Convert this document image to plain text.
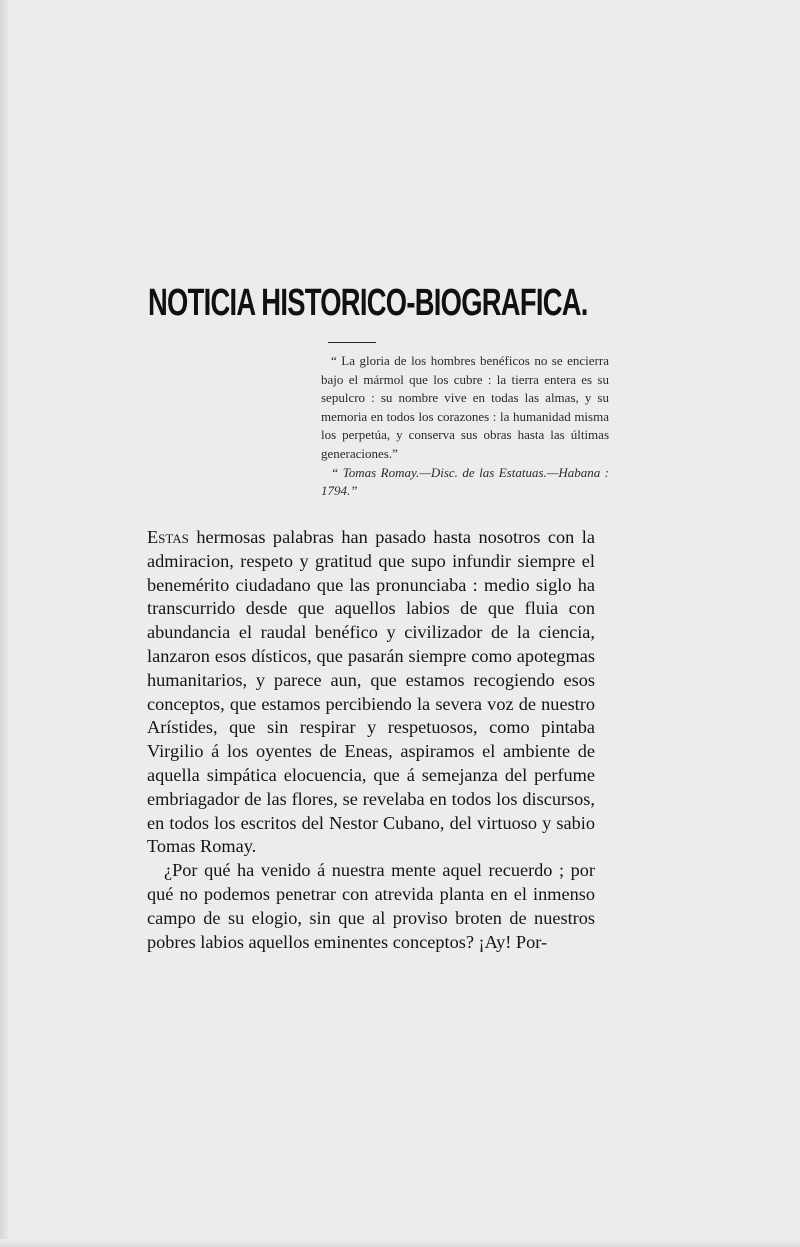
NOTICIA HISTORICO-BIOGRAFICA.

“ La gloria de los hombres benéficos no se encierra bajo el mármol que los cubre : la tierra entera es su sepulcro : su nombre vive en todas las almas, y su memoria en todos los corazones : la humanidad misma los perpetúa, y conserva sus obras hasta las últimas generaciones.”

“ Tomas Romay.—Disc. de las Estatuas.—Habana : 1794.”

Estas hermosas palabras han pasado hasta nosotros con la admiracion, respeto y gratitud que supo infundir siempre el benemérito ciudadano que las pronunciaba : medio siglo ha transcurrido desde que aquellos labios de que fluia con abundancia el raudal benéfico y civilizador de la ciencia, lanzaron esos dísticos, que pasarán siempre como apotegmas humanitarios, y parece aun, que estamos recogiendo esos conceptos, que estamos percibiendo la severa voz de nuestro Arístides, que sin respirar y respetuosos, como pintaba Virgilio á los oyentes de Eneas, aspiramos el ambiente de aquella simpática elocuencia, que á semejanza del perfume embriagador de las flores, se revelaba en todos los discursos, en todos los escritos del Nestor Cubano, del virtuoso y sabio Tomas Romay.

¿Por qué ha venido á nuestra mente aquel recuerdo ; por qué no podemos penetrar con atrevida planta en el inmenso campo de su elogio, sin que al proviso broten de nuestros pobres labios aquellos eminentes conceptos? ¡Ay! Por-
